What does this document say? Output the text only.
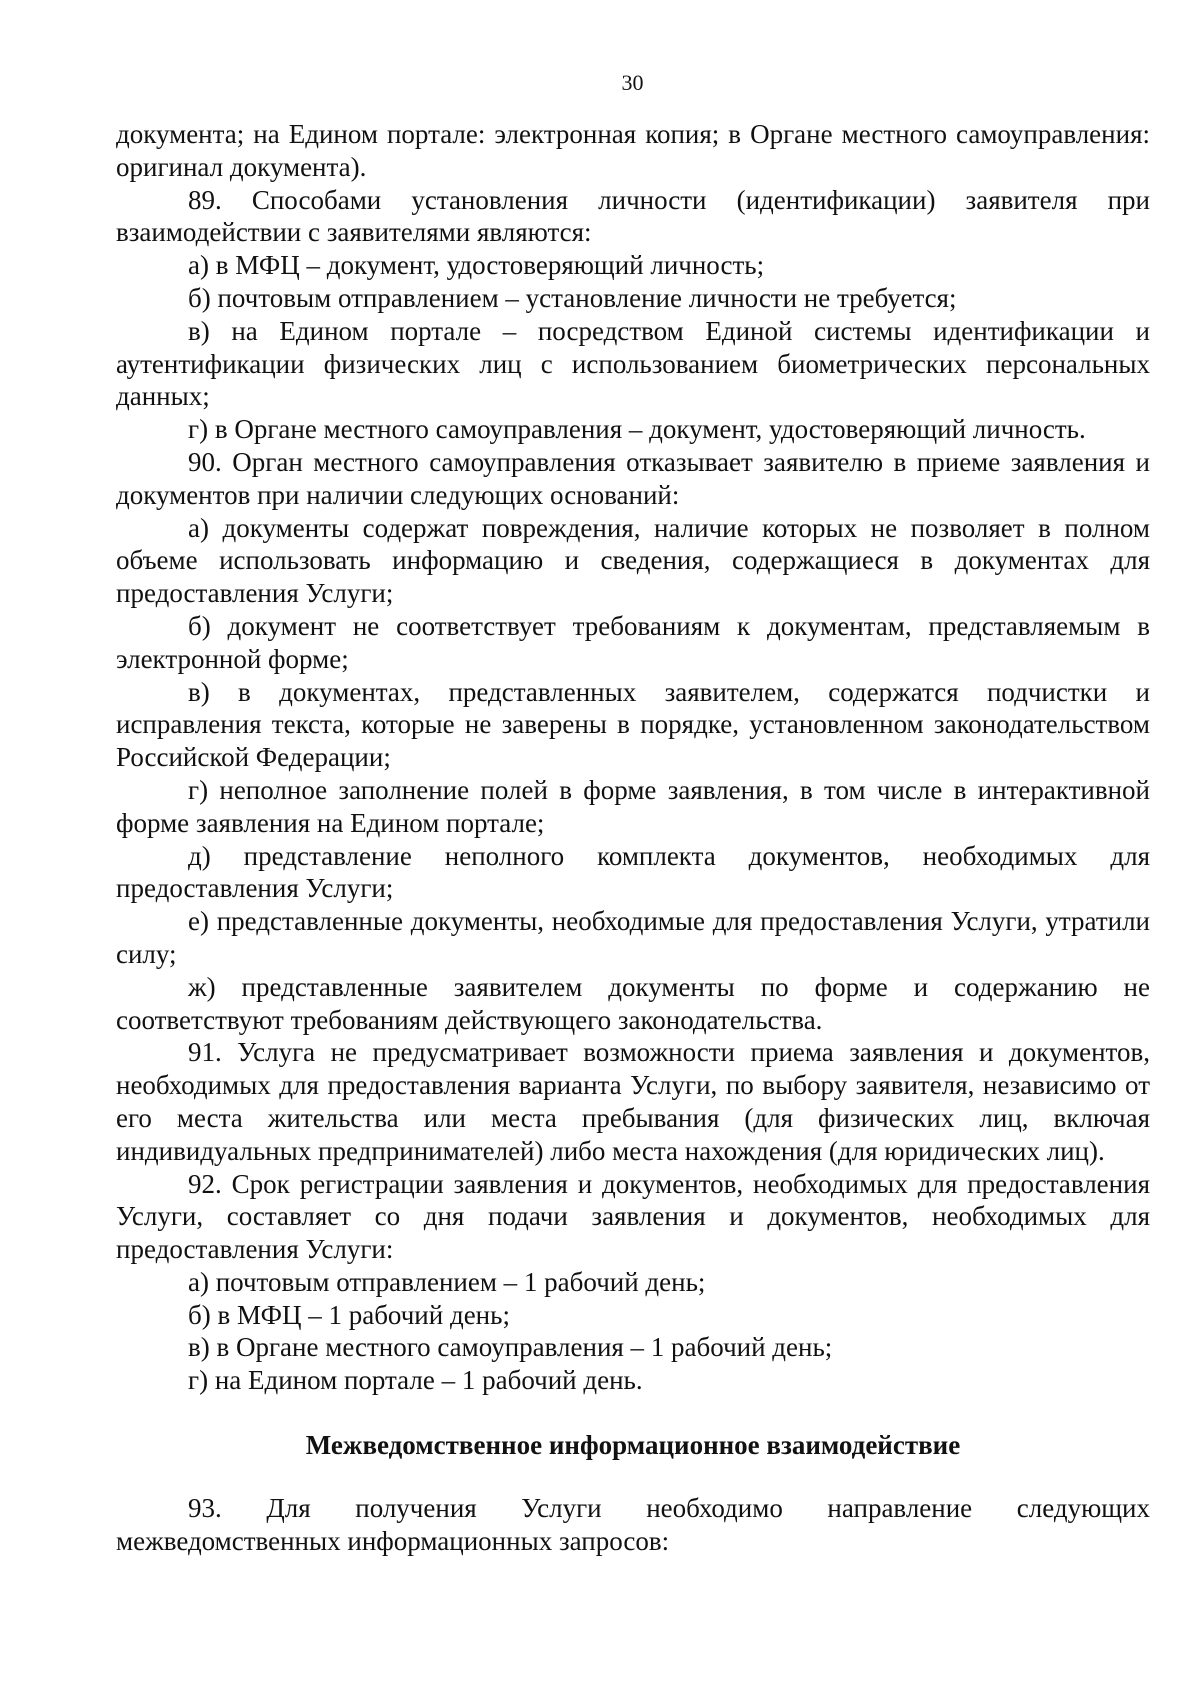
30

документа; на Едином портале: электронная копия; в Органе местного самоуправления: оригинал документа).

89. Способами установления личности (идентификации) заявителя при взаимодействии с заявителями являются:

а) в МФЦ – документ, удостоверяющий личность;

б) почтовым отправлением – установление личности не требуется;

в) на Едином портале – посредством Единой системы идентификации и аутентификации физических лиц с использованием биометрических персональных данных;

г) в Органе местного самоуправления – документ, удостоверяющий личность.

90. Орган местного самоуправления отказывает заявителю в приеме заявления и документов при наличии следующих оснований:

а) документы содержат повреждения, наличие которых не позволяет в полном объеме использовать информацию и сведения, содержащиеся в документах для предоставления Услуги;

б) документ не соответствует требованиям к документам, представляемым в электронной форме;

в) в документах, представленных заявителем, содержатся подчистки и исправления текста, которые не заверены в порядке, установленном законодательством Российской Федерации;

г) неполное заполнение полей в форме заявления, в том числе в интерактивной форме заявления на Едином портале;

д) представление неполного комплекта документов, необходимых для предоставления Услуги;

е) представленные документы, необходимые для предоставления Услуги, утратили силу;

ж) представленные заявителем документы по форме и содержанию не соответствуют требованиям действующего законодательства.

91. Услуга не предусматривает возможности приема заявления и документов, необходимых для предоставления варианта Услуги, по выбору заявителя, независимо от его места жительства или места пребывания (для физических лиц, включая индивидуальных предпринимателей) либо места нахождения (для юридических лиц).

92. Срок регистрации заявления и документов, необходимых для предоставления Услуги, составляет со дня подачи заявления и документов, необходимых для предоставления Услуги:

а) почтовым отправлением – 1 рабочий день;

б) в МФЦ – 1 рабочий день;

в) в Органе местного самоуправления – 1 рабочий день;

г) на Едином портале – 1 рабочий день.

Межведомственное информационное взаимодействие

93. Для получения Услуги необходимо направление следующих межведомственных информационных запросов:
